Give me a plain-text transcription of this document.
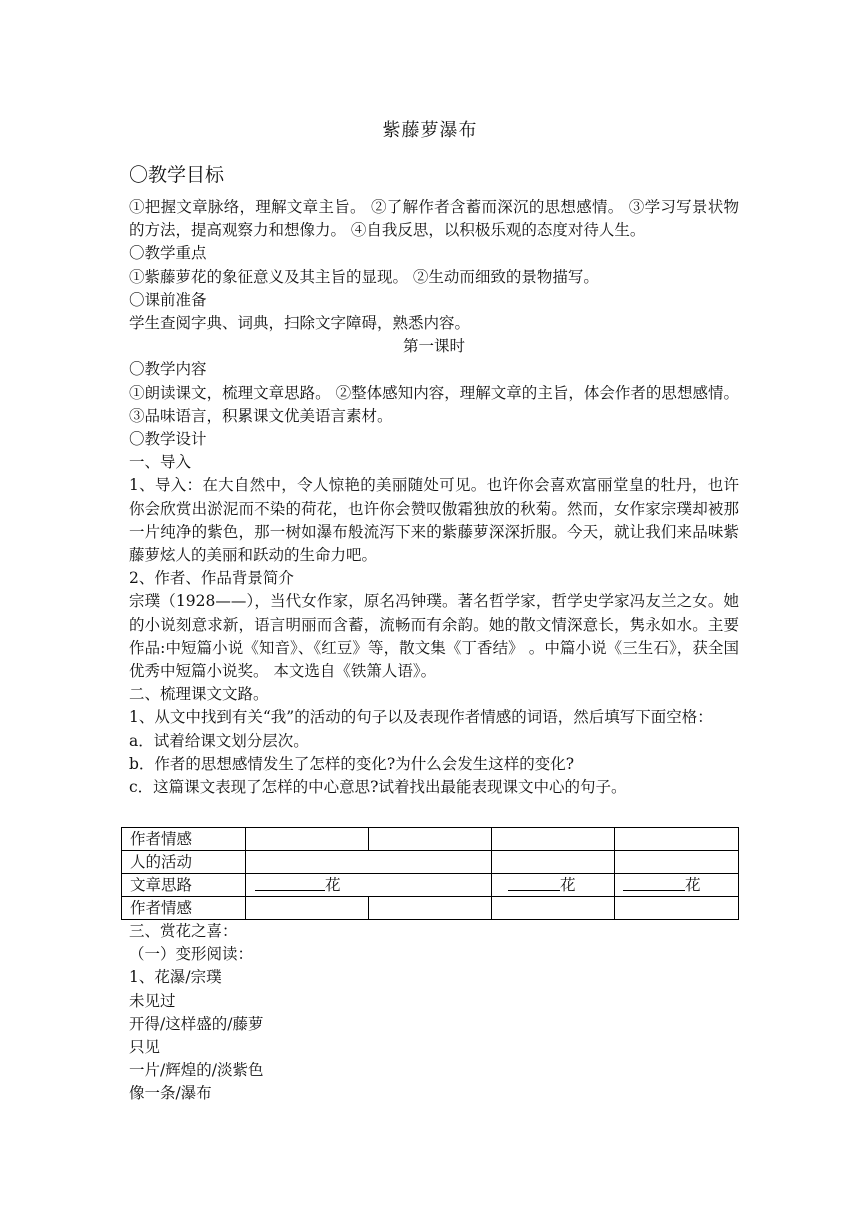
紫藤萝瀑布
〇教学目标
①把握文章脉络，理解文章主旨。 ②了解作者含蓄而深沉的思想感情。 ③学习写景状物的方法，提高观察力和想像力。 ④自我反思，以积极乐观的态度对待人生。
〇教学重点
①紫藤萝花的象征意义及其主旨的显现。 ②生动而细致的景物描写。
〇课前准备
学生查阅字典、词典，扫除文字障碍，熟悉内容。
第一课时
〇教学内容
①朗读课文，梳理文章思路。 ②整体感知内容，理解文章的主旨，体会作者的思想感情。③品味语言，积累课文优美语言素材。
〇教学设计
一、导入
1、导入：在大自然中，令人惊艳的美丽随处可见。也许你会喜欢富丽堂皇的牡丹，也许你会欣赏出淤泥而不染的荷花，也许你会赞叹傲霜独放的秋菊。然而，女作家宗璞却被那一片纯净的紫色，那一树如瀑布般流泻下来的紫藤萝深深折服。今天，就让我们来品味紫藤萝炫人的美丽和跃动的生命力吧。
2、作者、作品背景简介
宗璞（1928——），当代女作家，原名冯钟璞。著名哲学家，哲学史学家冯友兰之女。她的小说刻意求新，语言明丽而含蓄，流畅而有余韵。她的散文情深意长，隽永如水。主要作品:中短篇小说《知音》、《红豆》等，散文集《丁香结》 。中篇小说《三生石》，获全国优秀中短篇小说奖。 本文选自《铁箫人语》。
二、梳理课文文路。
1、从文中找到有关“我”的活动的句子以及表现作者情感的词语，然后填写下面空格：
a．试着给课文划分层次。
b．作者的思想感情发生了怎样的变化?为什么会发生这样的变化?
c．这篇课文表现了怎样的中心意思?试着找出最能表现课文中心的句子。
作者情感				
人的活动				
文章思路	花		花	花
作者情感				
三、赏花之喜：
（一）变形阅读：
1、花瀑/宗璞
未见过
开得/这样盛的/藤萝
只见
一片/辉煌的/淡紫色
像一条/瀑布
